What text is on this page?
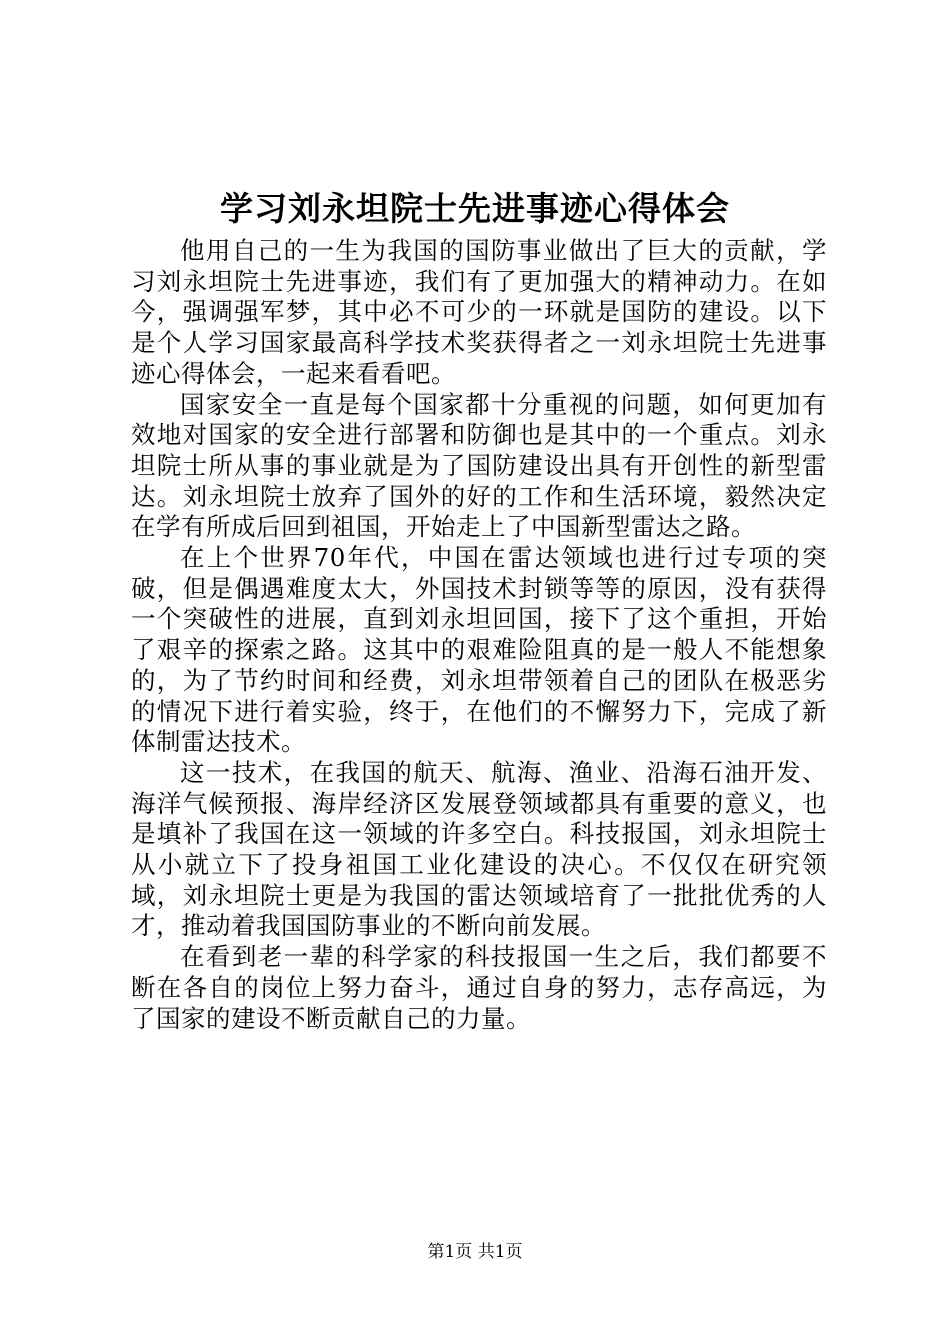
学习刘永坦院士先进事迹心得体会

他用自己的一生为我国的国防事业做出了巨大的贡献，学习刘永坦院士先进事迹，我们有了更加强大的精神动力。在如今，强调强军梦，其中必不可少的一环就是国防的建设。以下是个人学习国家最高科学技术奖获得者之一刘永坦院士先进事迹心得体会，一起来看看吧。

国家安全一直是每个国家都十分重视的问题，如何更加有效地对国家的安全进行部署和防御也是其中的一个重点。刘永坦院士所从事的事业就是为了国防建设出具有开创性的新型雷达。刘永坦院士放弃了国外的好的工作和生活环境，毅然决定在学有所成后回到祖国，开始走上了中国新型雷达之路。

在上个世界70年代，中国在雷达领域也进行过专项的突破，但是偶遇难度太大，外国技术封锁等等的原因，没有获得一个突破性的进展，直到刘永坦回国，接下了这个重担，开始了艰辛的探索之路。这其中的艰难险阻真的是一般人不能想象的，为了节约时间和经费，刘永坦带领着自己的团队在极恶劣的情况下进行着实验，终于，在他们的不懈努力下，完成了新体制雷达技术。

这一技术，在我国的航天、航海、渔业、沿海石油开发、海洋气候预报、海岸经济区发展登领域都具有重要的意义，也是填补了我国在这一领域的许多空白。科技报国，刘永坦院士从小就立下了投身祖国工业化建设的决心。不仅仅在研究领域，刘永坦院士更是为我国的雷达领域培育了一批批优秀的人才，推动着我国国防事业的不断向前发展。

在看到老一辈的科学家的科技报国一生之后，我们都要不断在各自的岗位上努力奋斗，通过自身的努力，志存高远，为了国家的建设不断贡献自己的力量。

第1页 共1页
